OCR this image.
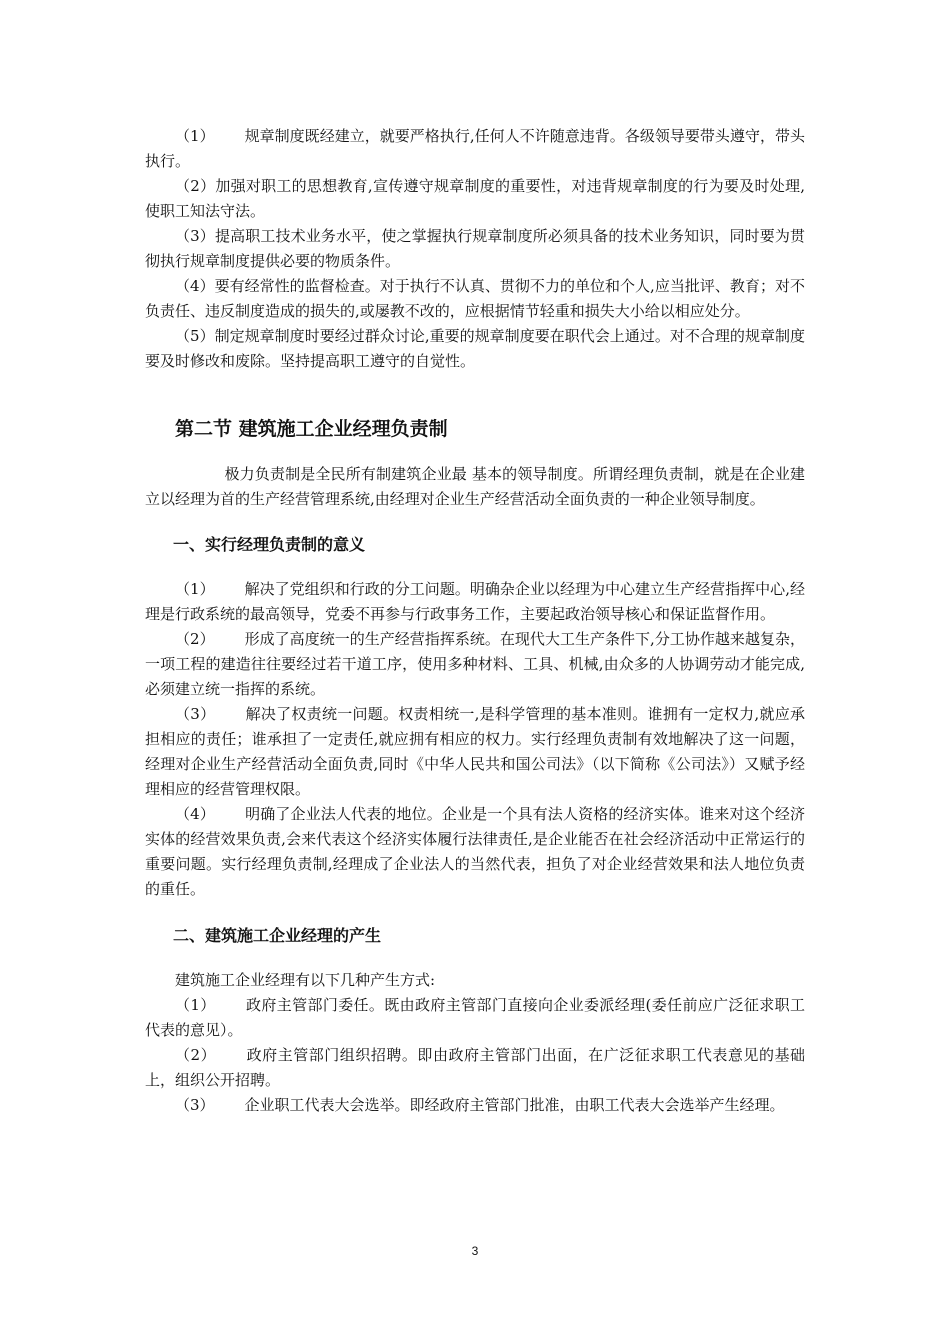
（1） 规章制度既经建立，就要严格执行,任何人不许随意违背。各级领导要带头遵守，带头执行。

（2）加强对职工的思想教育,宣传遵守规章制度的重要性，对违背规章制度的行为要及时处理,使职工知法守法。

（3）提高职工技术业务水平，使之掌握执行规章制度所必须具备的技术业务知识，同时要为贯彻执行规章制度提供必要的物质条件。

（4）要有经常性的监督检查。对于执行不认真、贯彻不力的单位和个人,应当批评、教育；对不负责任、违反制度造成的损失的,或屡教不改的，应根据情节轻重和损失大小给以相应处分。

（5）制定规章制度时要经过群众讨论,重要的规章制度要在职代会上通过。对不合理的规章制度要及时修改和废除。坚持提高职工遵守的自觉性。

第二节 建筑施工企业经理负责制

极力负责制是全民所有制建筑企业最 基本的领导制度。所谓经理负责制，就是在企业建立以经理为首的生产经营管理系统,由经理对企业生产经营活动全面负责的一种企业领导制度。

一、实行经理负责制的意义

（1） 解决了党组织和行政的分工问题。明确杂企业以经理为中心建立生产经营指挥中心,经理是行政系统的最高领导，党委不再参与行政事务工作，主要起政治领导核心和保证监督作用。

（2） 形成了高度统一的生产经营指挥系统。在现代大工生产条件下,分工协作越来越复杂，一项工程的建造往往要经过若干道工序，使用多种材料、工具、机械,由众多的人协调劳动才能完成,必须建立统一指挥的系统。

（3） 解决了权责统一问题。权责相统一,是科学管理的基本准则。谁拥有一定权力,就应承担相应的责任；谁承担了一定责任,就应拥有相应的权力。实行经理负责制有效地解决了这一问题，经理对企业生产经营活动全面负责,同时《中华人民共和国公司法》（以下简称《公司法》）又赋予经理相应的经营管理权限。

（4） 明确了企业法人代表的地位。企业是一个具有法人资格的经济实体。谁来对这个经济实体的经营效果负责,会来代表这个经济实体履行法律责任,是企业能否在社会经济活动中正常运行的重要问题。实行经理负责制,经理成了企业法人的当然代表，担负了对企业经营效果和法人地位负责的重任。

二、建筑施工企业经理的产生

建筑施工企业经理有以下几种产生方式:

（1） 政府主管部门委任。既由政府主管部门直接向企业委派经理(委任前应广泛征求职工代表的意见）。

（2） 政府主管部门组织招聘。即由政府主管部门出面，在广泛征求职工代表意见的基础上，组织公开招聘。

（3） 企业职工代表大会选举。即经政府主管部门批准，由职工代表大会选举产生经理。

3
